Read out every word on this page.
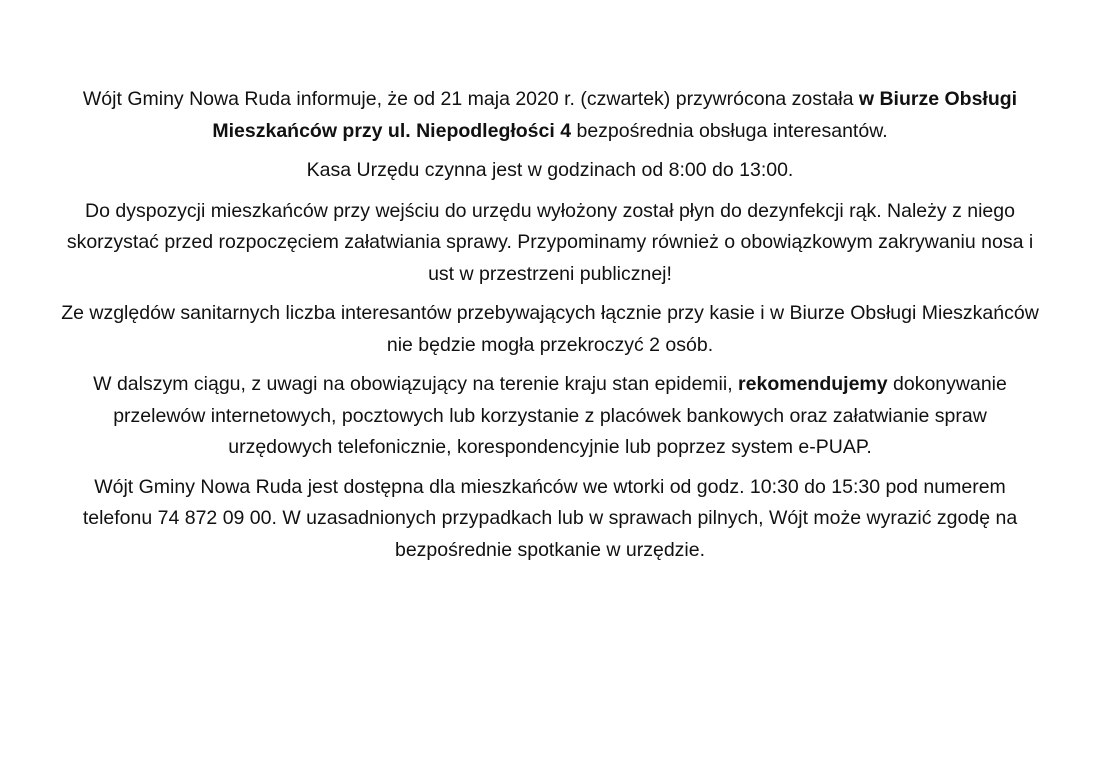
Wójt Gminy Nowa Ruda informuje, że od 21 maja 2020 r. (czwartek) przywrócona została w Biurze Obsługi Mieszkańców przy ul. Niepodległości 4 bezpośrednia obsługa interesantów.

Kasa Urzędu czynna jest w godzinach od 8:00 do 13:00.

Do dyspozycji mieszkańców przy wejściu do urzędu wyłożony został płyn do dezynfekcji rąk. Należy z niego skorzystać przed rozpoczęciem załatwiania sprawy. Przypominamy również o obowiązkowym zakrywaniu nosa i ust w przestrzeni publicznej!

Ze względów sanitarnych liczba interesantów przebywających łącznie przy kasie i w Biurze Obsługi Mieszkańców nie będzie mogła przekroczyć 2 osób.

W dalszym ciągu, z uwagi na obowiązujący na terenie kraju stan epidemii, rekomendujemy dokonywanie przelewów internetowych, pocztowych lub korzystanie z placówek bankowych oraz załatwianie spraw urzędowych telefonicznie, korespondencyjnie lub poprzez system e-PUAP.

Wójt Gminy Nowa Ruda jest dostępna dla mieszkańców we wtorki od godz. 10:30 do 15:30 pod numerem telefonu 74 872 09 00. W uzasadnionych przypadkach lub w sprawach pilnych, Wójt może wyrazić zgodę na bezpośrednie spotkanie w urzędzie.
